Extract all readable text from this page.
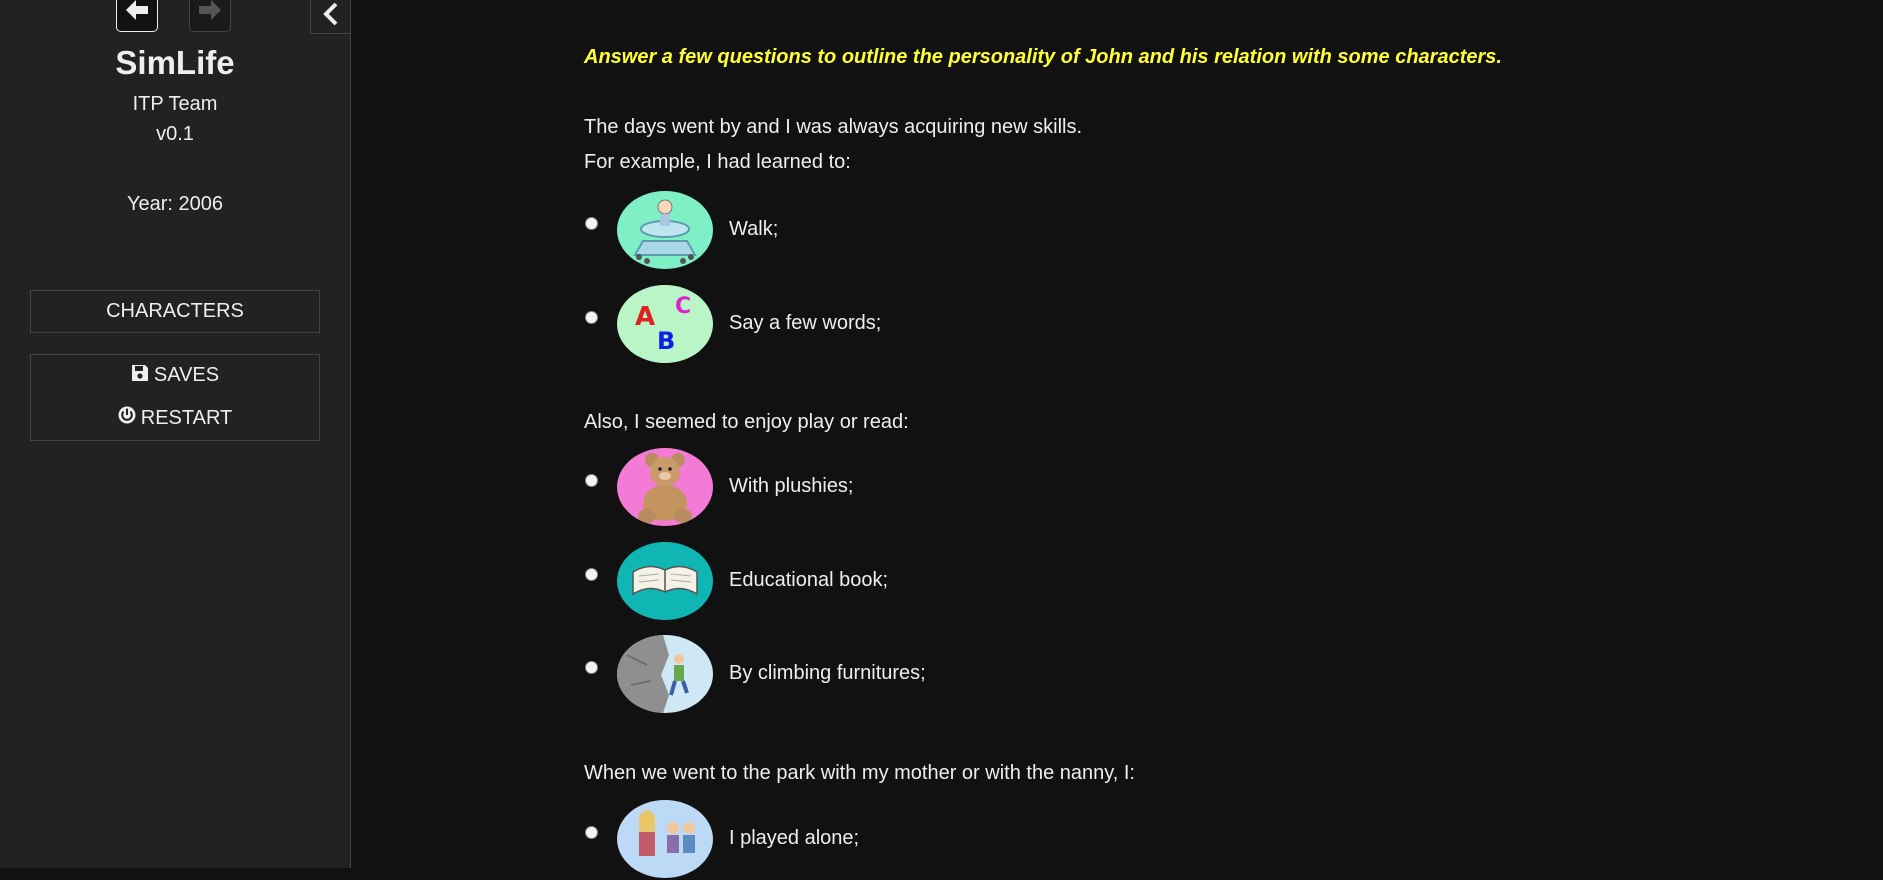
SimLife
ITP Team
v0.1
Year: 2006
CHARACTERS
SAVES
RESTART
Answer a few questions to outline the personality of John and his relation with some characters.
The days went by and I was always acquiring new skills.
For example, I had learned to:
Walk;
A C
B
Say a few words;
Also, I seemed to enjoy play or read:
With plushies;
Educational book;
By climbing furnitures;
When we went to the park with my mother or with the nanny, I:
I played alone;
